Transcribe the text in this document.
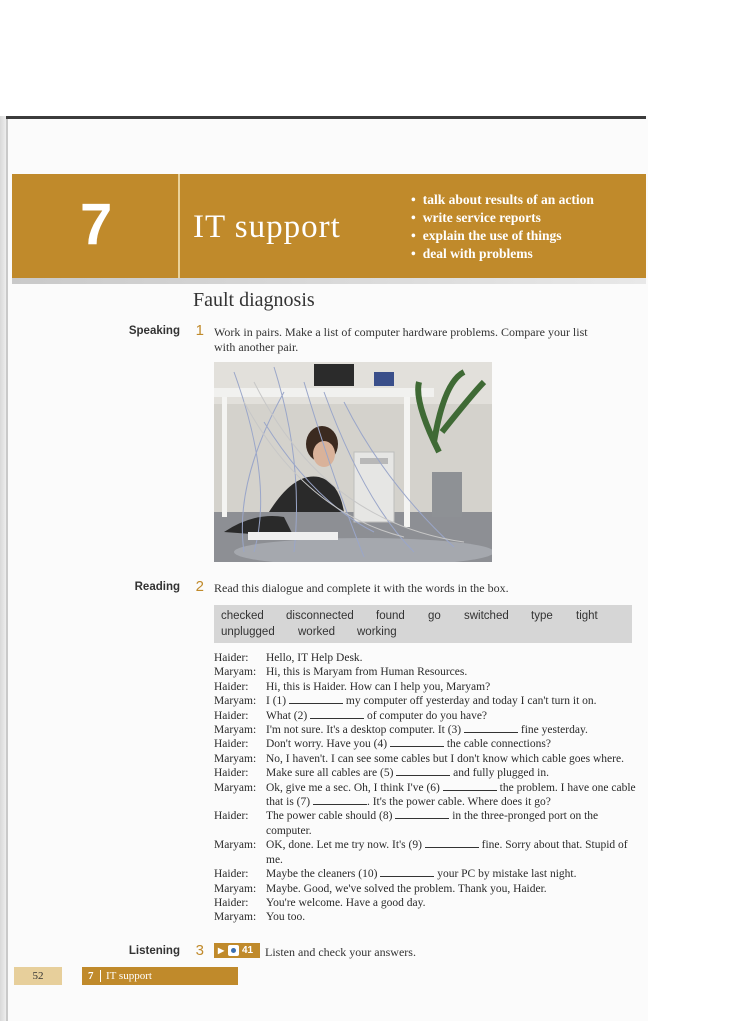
7 IT support
• talk about results of an action
• write service reports
• explain the use of things
• deal with problems
Fault diagnosis
Speaking	1 Work in pairs. Make a list of computer hardware problems. Compare your list
with another pair.
Reading	2 Read this dialogue and complete it with the words in the box.
checked disconnected found go switched type tight
unplugged worked working
Haider:	Hello, IT Help Desk.
Maryam: Hi, this is Maryam from Human Resources.
Haider:	Hi, this is Haider. How can I help you, Maryam?
Maryam: I (1)	my computer off yesterday and today I can't turn it on.
Haider:	What (2)	of computer do you have?
Maryam: I'm not sure. It's a desktop computer. It (3)	fine yesterday.
Haider:	Don't worry. Have you (4)	the cable connections?
Maryam: No, I haven't. I can see some cables but I don't know which cable goes where.
Haider:	Make sure all cables are (5)	and fully plugged in.
Maryam: Ok, give me a sec. Oh, I think I've (6)	the problem. I have one cable that is (7)	. It's the power cable. Where does it go?
Haider:	The power cable should (8)	in the three-pronged port on the computer.
Maryam: OK, done. Let me try now. It's (9)	fine. Sorry about that. Stupid of me.
Haider:	Maybe the cleaners (10)	your PC by mistake last night.
Maryam: Maybe. Good, we've solved the problem. Thank you, Haider.
Haider:	You're welcome. Have a good day.
Maryam: You too.
Listening	3 ▶ 41 Listen and check your answers.
52	7 IT support
